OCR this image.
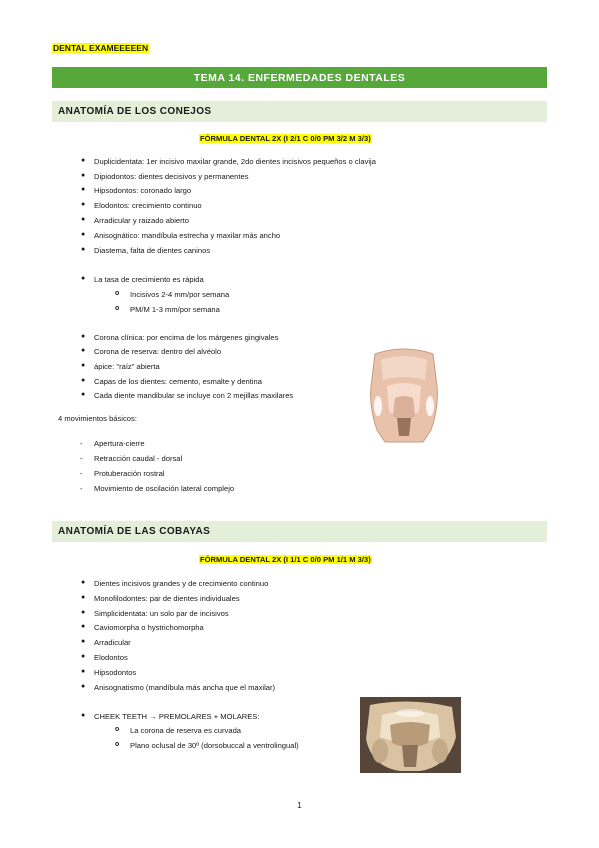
DENTAL EXAMEEEEEN
TEMA 14. ENFERMEDADES DENTALES
ANATOMÍA DE LOS CONEJOS
FÓRMULA DENTAL 2X (I 2/1 C 0/0 PM 3/2 M 3/3)
● Duplicidentata: 1er incisivo maxilar grande, 2do dientes incisivos pequeños o clavija
● Dipiodontos: dientes decisivos y permanentes
● Hipsodontos: coronado largo
● Elodontos: crecimiento continuo
● Arradicular y raizado abierto
● Anisognático: mandíbula estrecha y maxilar más ancho
● Diastema, falta de dientes caninos
● La tasa de crecimiento es rápida
o Incisivos 2-4 mm/por semana
o PM/M 1-3 mm/por semana
● Corona clínica: por encima de los márgenes gingivales
● Corona de reserva: dentro del alvéolo
● ápice: "raíz" abierta
● Capas de los dientes: cemento, esmalte y dentina
● Cada diente mandibular se incluye con 2 mejillas maxilares
4 movimientos básicos:
- Apertura-cierre
- Retracción caudal - dorsal
- Protuberación rostral
- Movimiento de oscilación lateral complejo
ANATOMÍA DE LAS COBAYAS
FÓRMULA DENTAL 2X (I 1/1 C 0/0 PM 1/1 M 3/3)
● Dientes incisivos grandes y de crecimiento continuo
● Monofilodontes: par de dientes individuales
● Simplicidentata: un solo par de incisivos
● Caviomorpha o hystrichomorpha
● Arradicular
● Elodontos
● Hipsodontos
● Anisognatismo (mandíbula más ancha que el maxilar)
● CHEEK TEETH → PREMOLARES + MOLARES:
o La corona de reserva es curvada
o Plano oclusal de 30º (dorsobuccal a ventrolingual)
1
